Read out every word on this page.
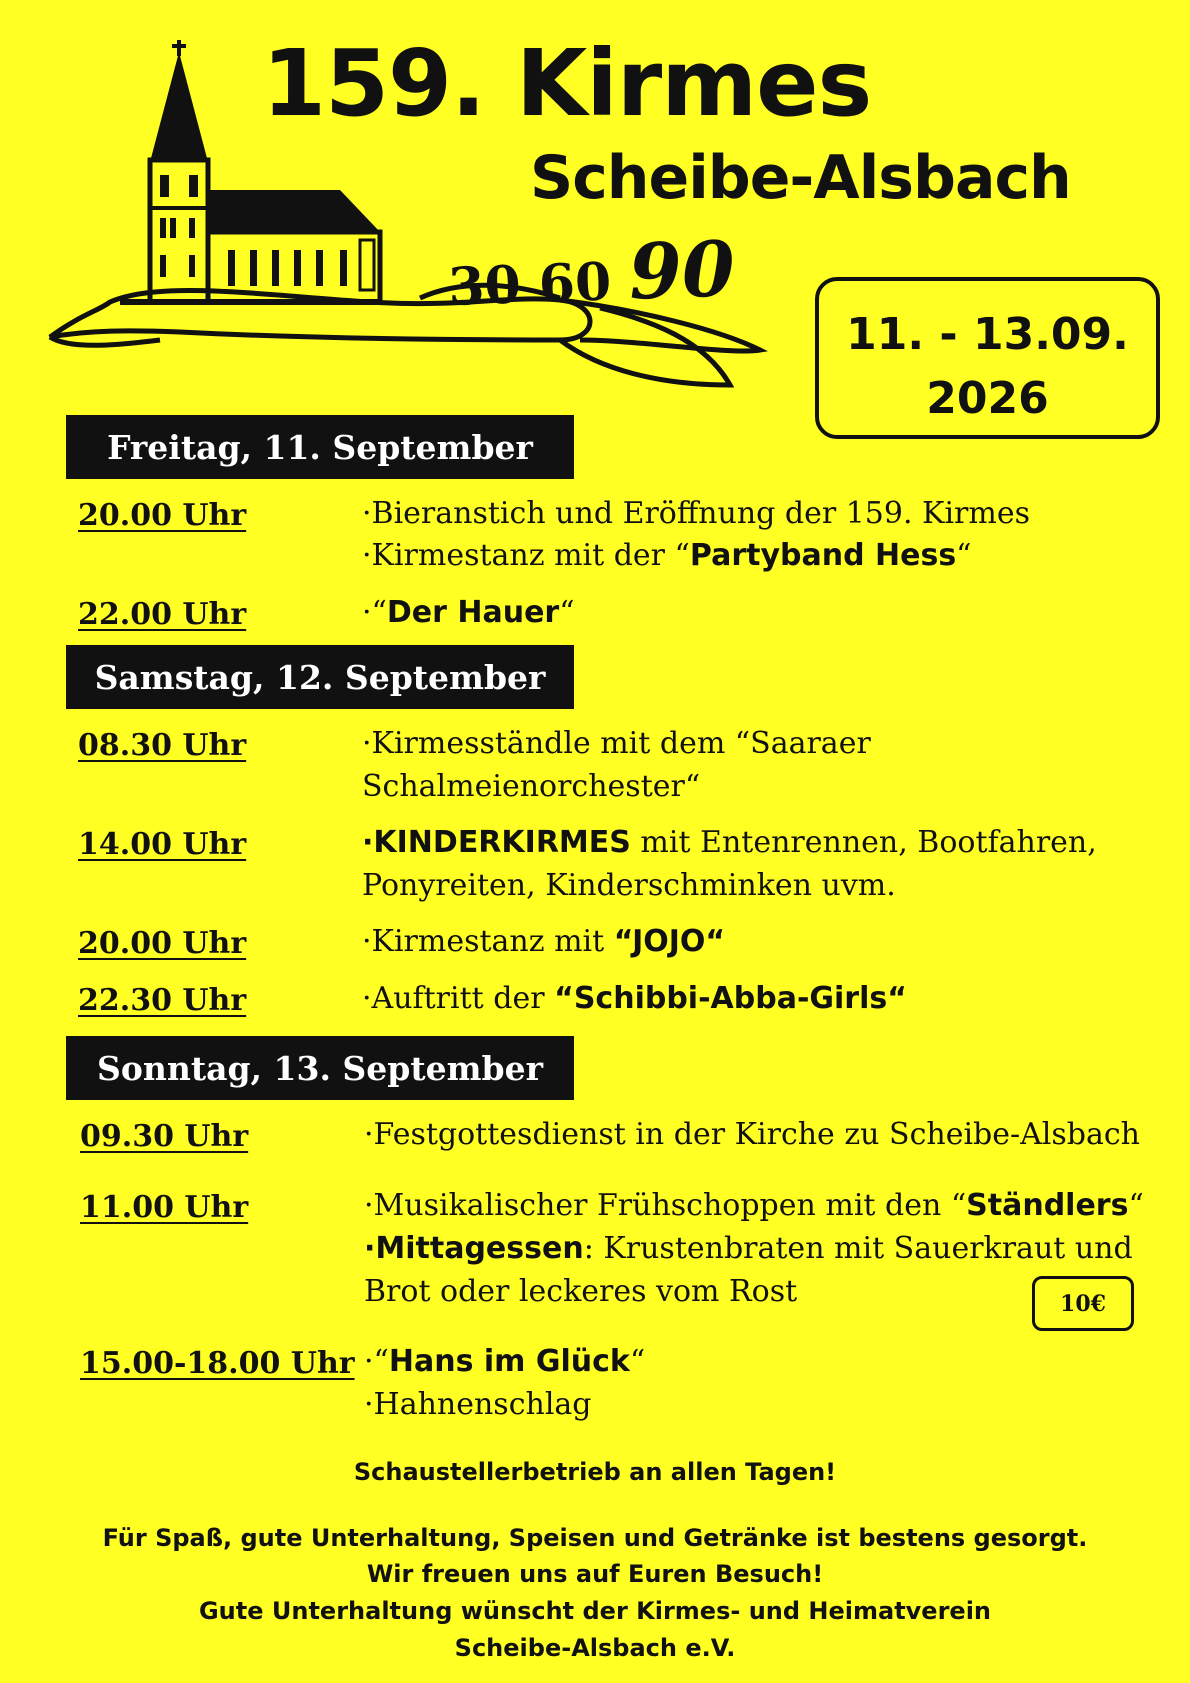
159. Kirmes
Scheibe-Alsbach
30 60 90
11. - 13.09.
2026
Freitag, 11. September
Samstag, 12. September
Sonntag, 13. September
20.00 Uhr	·Bieranstich und Eröffnung der 159. Kirmes
·Kirmestanz mit der “Partyband Hess“
22.00 Uhr	·“Der Hauer“
08.30 Uhr	·Kirmesständle mit dem “Saaraer
Schalmeienorchester“
14.00 Uhr	·KINDERKIRMES mit Entenrennen, Bootfahren,
Ponyreiten, Kinderschminken uvm.
20.00 Uhr	·Kirmestanz mit “JOJO“
22.30 Uhr	·Auftritt der “Schibbi-Abba-Girls“
09.30 Uhr	·Festgottesdienst in der Kirche zu Scheibe-Alsbach
11.00 Uhr	·Musikalischer Frühschoppen mit den “Ständlers“
·Mittagessen: Krustenbraten mit Sauerkraut und
Brot oder leckeres vom Rost	10€
15.00-18.00 Uhr ·“Hans im Glück“
·Hahnenschlag
Schaustellerbetrieb an allen Tagen!
Für Spaß, gute Unterhaltung, Speisen und Getränke ist bestens gesorgt.
Wir freuen uns auf Euren Besuch!
Gute Unterhaltung wünscht der Kirmes- und Heimatverein
Scheibe-Alsbach e.V.
